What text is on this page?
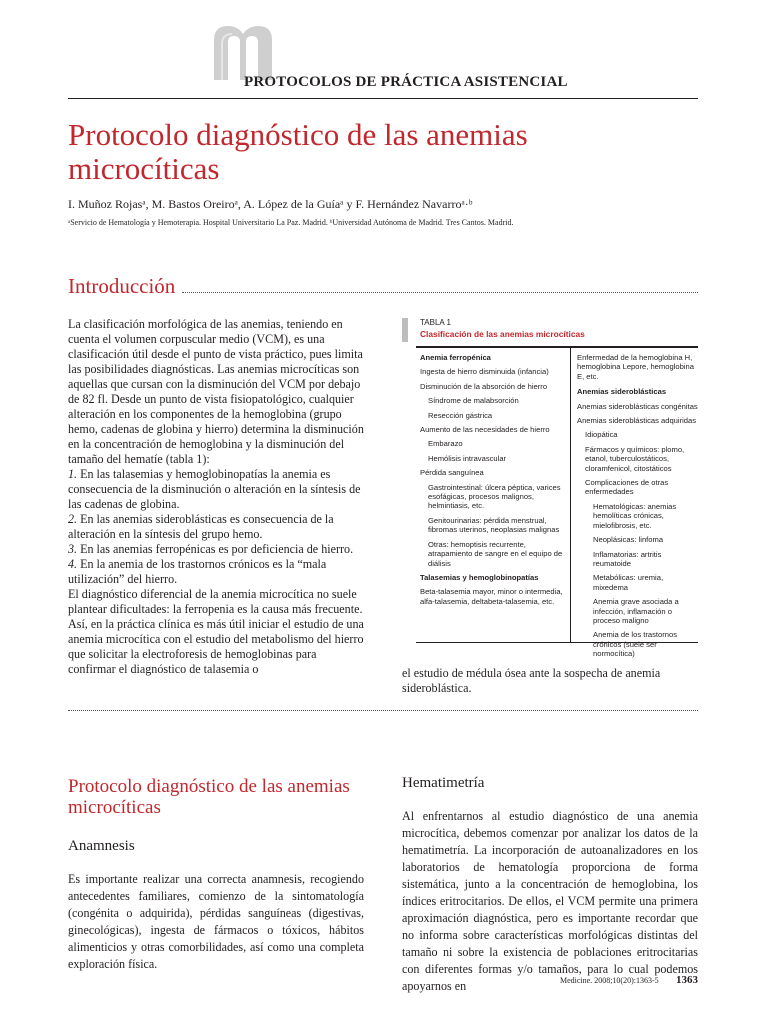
PROTOCOLOS DE PRÁCTICA ASISTENCIAL
Protocolo diagnóstico de las anemias
microcíticas
I. Muñoz Rojasᵃ, M. Bastos Oreiroᵃ, A. López de la Guíaᵃ y F. Hernández Navarroᵃ·ᵇ
ᵃServicio de Hematología y Hemoterapia. Hospital Universitario La Paz. Madrid. ᵇUniversidad Autónoma de Madrid. Tres Cantos. Madrid.
Introducción

La clasificación morfológica de las anemias, teniendo en cuenta el volumen corpuscular medio (VCM), es una clasificación útil desde el punto de vista práctico, pues limita las posibilidades diagnósticas. Las anemias microcíticas son aquellas que cursan con la disminución del VCM por debajo de 82 fl. Desde un punto de vista fisiopatológico, cualquier alteración en los componentes de la hemoglobina (grupo hemo, cadenas de globina y hierro) determina la disminución en la concentración de hemoglobina y la disminución del tamaño del hematíe (tabla 1):

1. En las talasemias y hemoglobinopatías la anemia es consecuencia de la disminución o alteración en la síntesis de las cadenas de globina.

2. En las anemias sideroblásticas es consecuencia de la alteración en la síntesis del grupo hemo.

3. En las anemias ferropénicas es por deficiencia de hierro.

4. En la anemia de los trastornos crónicos es la “mala utilización” del hierro.

El diagnóstico diferencial de la anemia microcítica no suele plantear dificultades: la ferropenia es la causa más frecuente. Así, en la práctica clínica es más útil iniciar el estudio de una anemia microcítica con el estudio del metabolismo del hierro que solicitar la electroforesis de hemoglobinas para confirmar el diagnóstico de talasemia o

TABLA 1
Clasificación de las anemias microcíticas
Anemia ferropénica
Ingesta de hierro disminuida (infancia)
Disminución de la absorción de hierro
Síndrome de malabsorción
Resección gástrica
Aumento de las necesidades de hierro
Embarazo
Hemólisis intravascular
Pérdida sanguínea
Gastrointestinal: úlcera péptica, varices esofágicas, procesos malignos, helmintiasis, etc.
Genitourinarias: pérdida menstrual, fibromas uterinos, neoplasias malignas
Otras: hemoptisis recurrente, atrapamiento de sangre en el equipo de diálisis
Talasemias y hemoglobinopatías
Beta-talasemia mayor, minor o intermedia, alfa-talasemia, deltabeta-talasemia, etc.
Enfermedad de la hemoglobina H, hemoglobina Lepore, hemoglobina E, etc.
Anemias sideroblásticas
Anemias sideroblásticas congénitas
Anemias sideroblásticas adquiridas
Idiopática
Fármacos y químicos: plomo, etanol, tuberculostáticos, cloramfenicol, citostáticos
Complicaciones de otras enfermedades
Hematológicas: anemias hemolíticas crónicas, mielofibrosis, etc.
Neoplásicas: linfoma
Inflamatorias: artritis reumatoide
Metabólicas: uremia, mixedema
Anemia grave asociada a infección, inflamación o proceso maligno
Anemia de los trastornos crónicos (suele ser normocítica)
el estudio de médula ósea ante la sospecha de anemia sideroblástica.
Protocolo diagnóstico de las anemias microcíticas
Anamnesis
Es importante realizar una correcta anamnesis, recogiendo antecedentes familiares, comienzo de la sintomatología (congénita o adquirida), pérdidas sanguíneas (digestivas, ginecológicas), ingesta de fármacos o tóxicos, hábitos alimenticios y otras comorbilidades, así como una completa exploración física.
Hematimetría
Al enfrentarnos al estudio diagnóstico de una anemia microcítica, debemos comenzar por analizar los datos de la hematimetría. La incorporación de autoanalizadores en los laboratorios de hematología proporciona de forma sistemática, junto a la concentración de hemoglobina, los índices eritrocitarios. De ellos, el VCM permite una primera aproximación diagnóstica, pero es importante recordar que no informa sobre características morfológicas distintas del tamaño ni sobre la existencia de poblaciones eritrocitarias con diferentes formas y/o tamaños, para lo cual podemos apoyarnos en	Medicine. 2008;10(20):1363-5 1363
